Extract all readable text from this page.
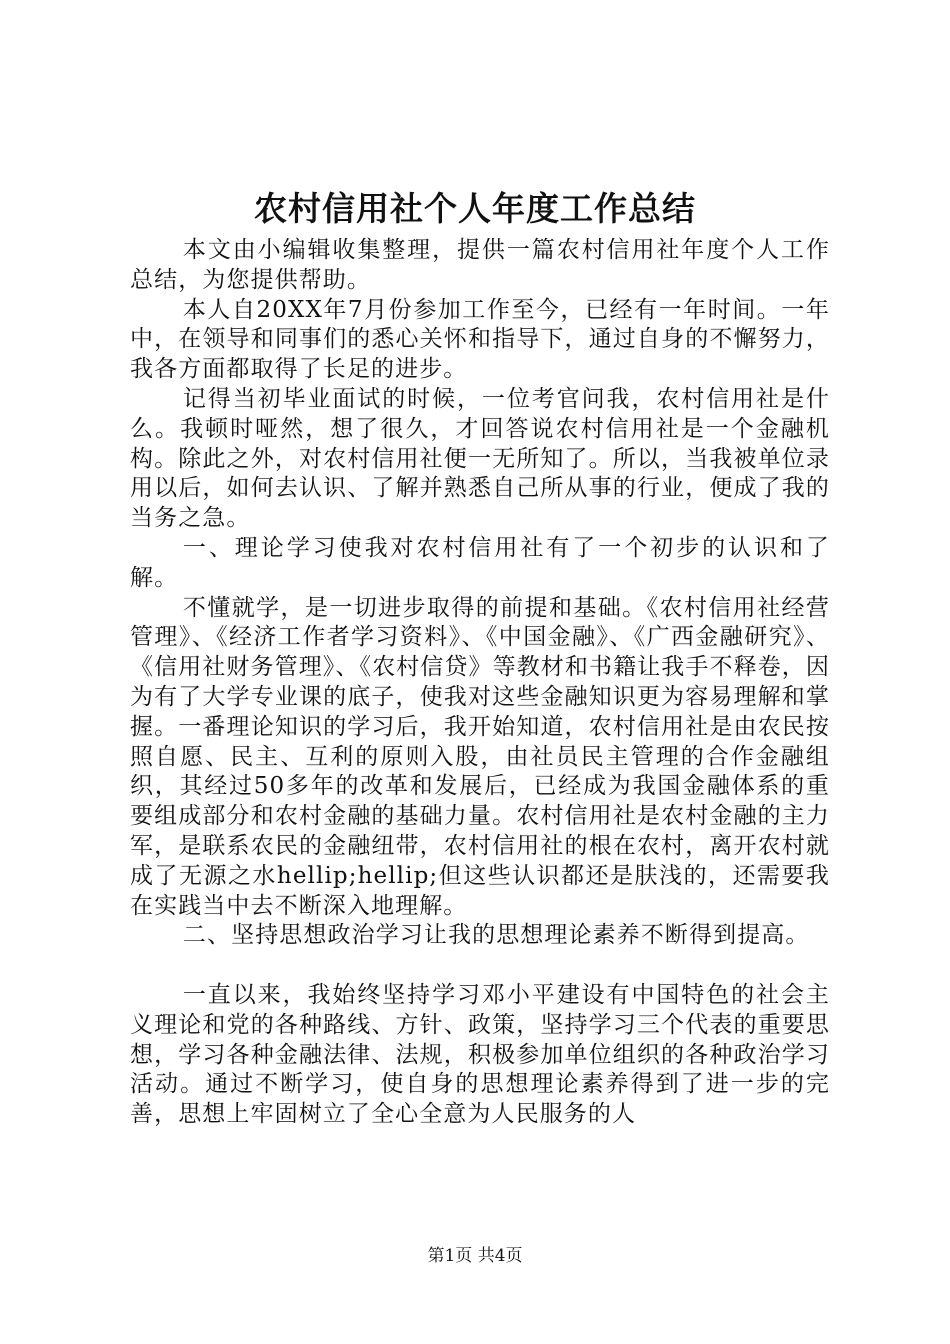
农村信用社个人年度工作总结

本文由小编辑收集整理，提供一篇农村信用社年度个人工作总结，为您提供帮助。

本人自20XX年7月份参加工作至今，已经有一年时间。一年中，在领导和同事们的悉心关怀和指导下，通过自身的不懈努力，我各方面都取得了长足的进步。

记得当初毕业面试的时候，一位考官问我，农村信用社是什么。我顿时哑然，想了很久，才回答说农村信用社是一个金融机构。除此之外，对农村信用社便一无所知了。所以，当我被单位录用以后，如何去认识、了解并熟悉自己所从事的行业，便成了我的当务之急。

一、理论学习使我对农村信用社有了一个初步的认识和了解。

不懂就学，是一切进步取得的前提和基础。《农村信用社经营管理》、《经济工作者学习资料》、《中国金融》、《广西金融研究》、《信用社财务管理》、《农村信贷》等教材和书籍让我手不释卷，因为有了大学专业课的底子，使我对这些金融知识更为容易理解和掌握。一番理论知识的学习后，我开始知道，农村信用社是由农民按照自愿、民主、互利的原则入股，由社员民主管理的合作金融组织，其经过50多年的改革和发展后，已经成为我国金融体系的重要组成部分和农村金融的基础力量。农村信用社是农村金融的主力军，是联系农民的金融纽带，农村信用社的根在农村，离开农村就成了无源之水hellip;hellip;但这些认识都还是肤浅的，还需要我在实践当中去不断深入地理解。

二、坚持思想政治学习让我的思想理论素养不断得到提高。

一直以来，我始终坚持学习邓小平建设有中国特色的社会主义理论和党的各种路线、方针、政策，坚持学习三个代表的重要思想，学习各种金融法律、法规，积极参加单位组织的各种政治学习活动。通过不断学习，使自身的思想理论素养得到了进一步的完善，思想上牢固树立了全心全意为人民服务的人

第1页 共4页
